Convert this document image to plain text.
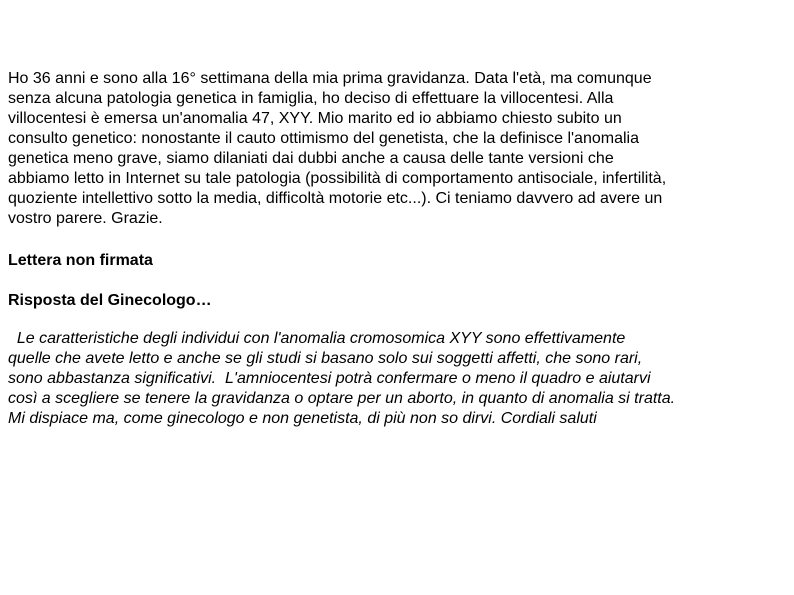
Ho 36 anni e sono alla 16° settimana della mia prima gravidanza. Data l'età, ma comunque
senza alcuna patologia genetica in famiglia, ho deciso di effettuare la villocentesi. Alla
villocentesi è emersa un'anomalia 47, XYY. Mio marito ed io abbiamo chiesto subito un
consulto genetico: nonostante il cauto ottimismo del genetista, che la definisce l'anomalia
genetica meno grave, siamo dilaniati dai dubbi anche a causa delle tante versioni che
abbiamo letto in Internet su tale patologia (possibilità di comportamento antisociale, infertilità,
quoziente intellettivo sotto la media, difficoltà motorie etc...). Ci teniamo davvero ad avere un
vostro parere. Grazie.

Lettera non firmata

Risposta del Ginecologo…

Le caratteristiche degli individui con l'anomalia cromosomica XYY sono effettivamente
quelle che avete letto e anche se gli studi si basano solo sui soggetti affetti, che sono rari,
sono abbastanza significativi.  L'amniocentesi potrà confermare o meno il quadro e aiutarvi
così a scegliere se tenere la gravidanza o optare per un aborto, in quanto di anomalia si tratta.
Mi dispiace ma, come ginecologo e non genetista, di più non so dirvi. Cordiali saluti
